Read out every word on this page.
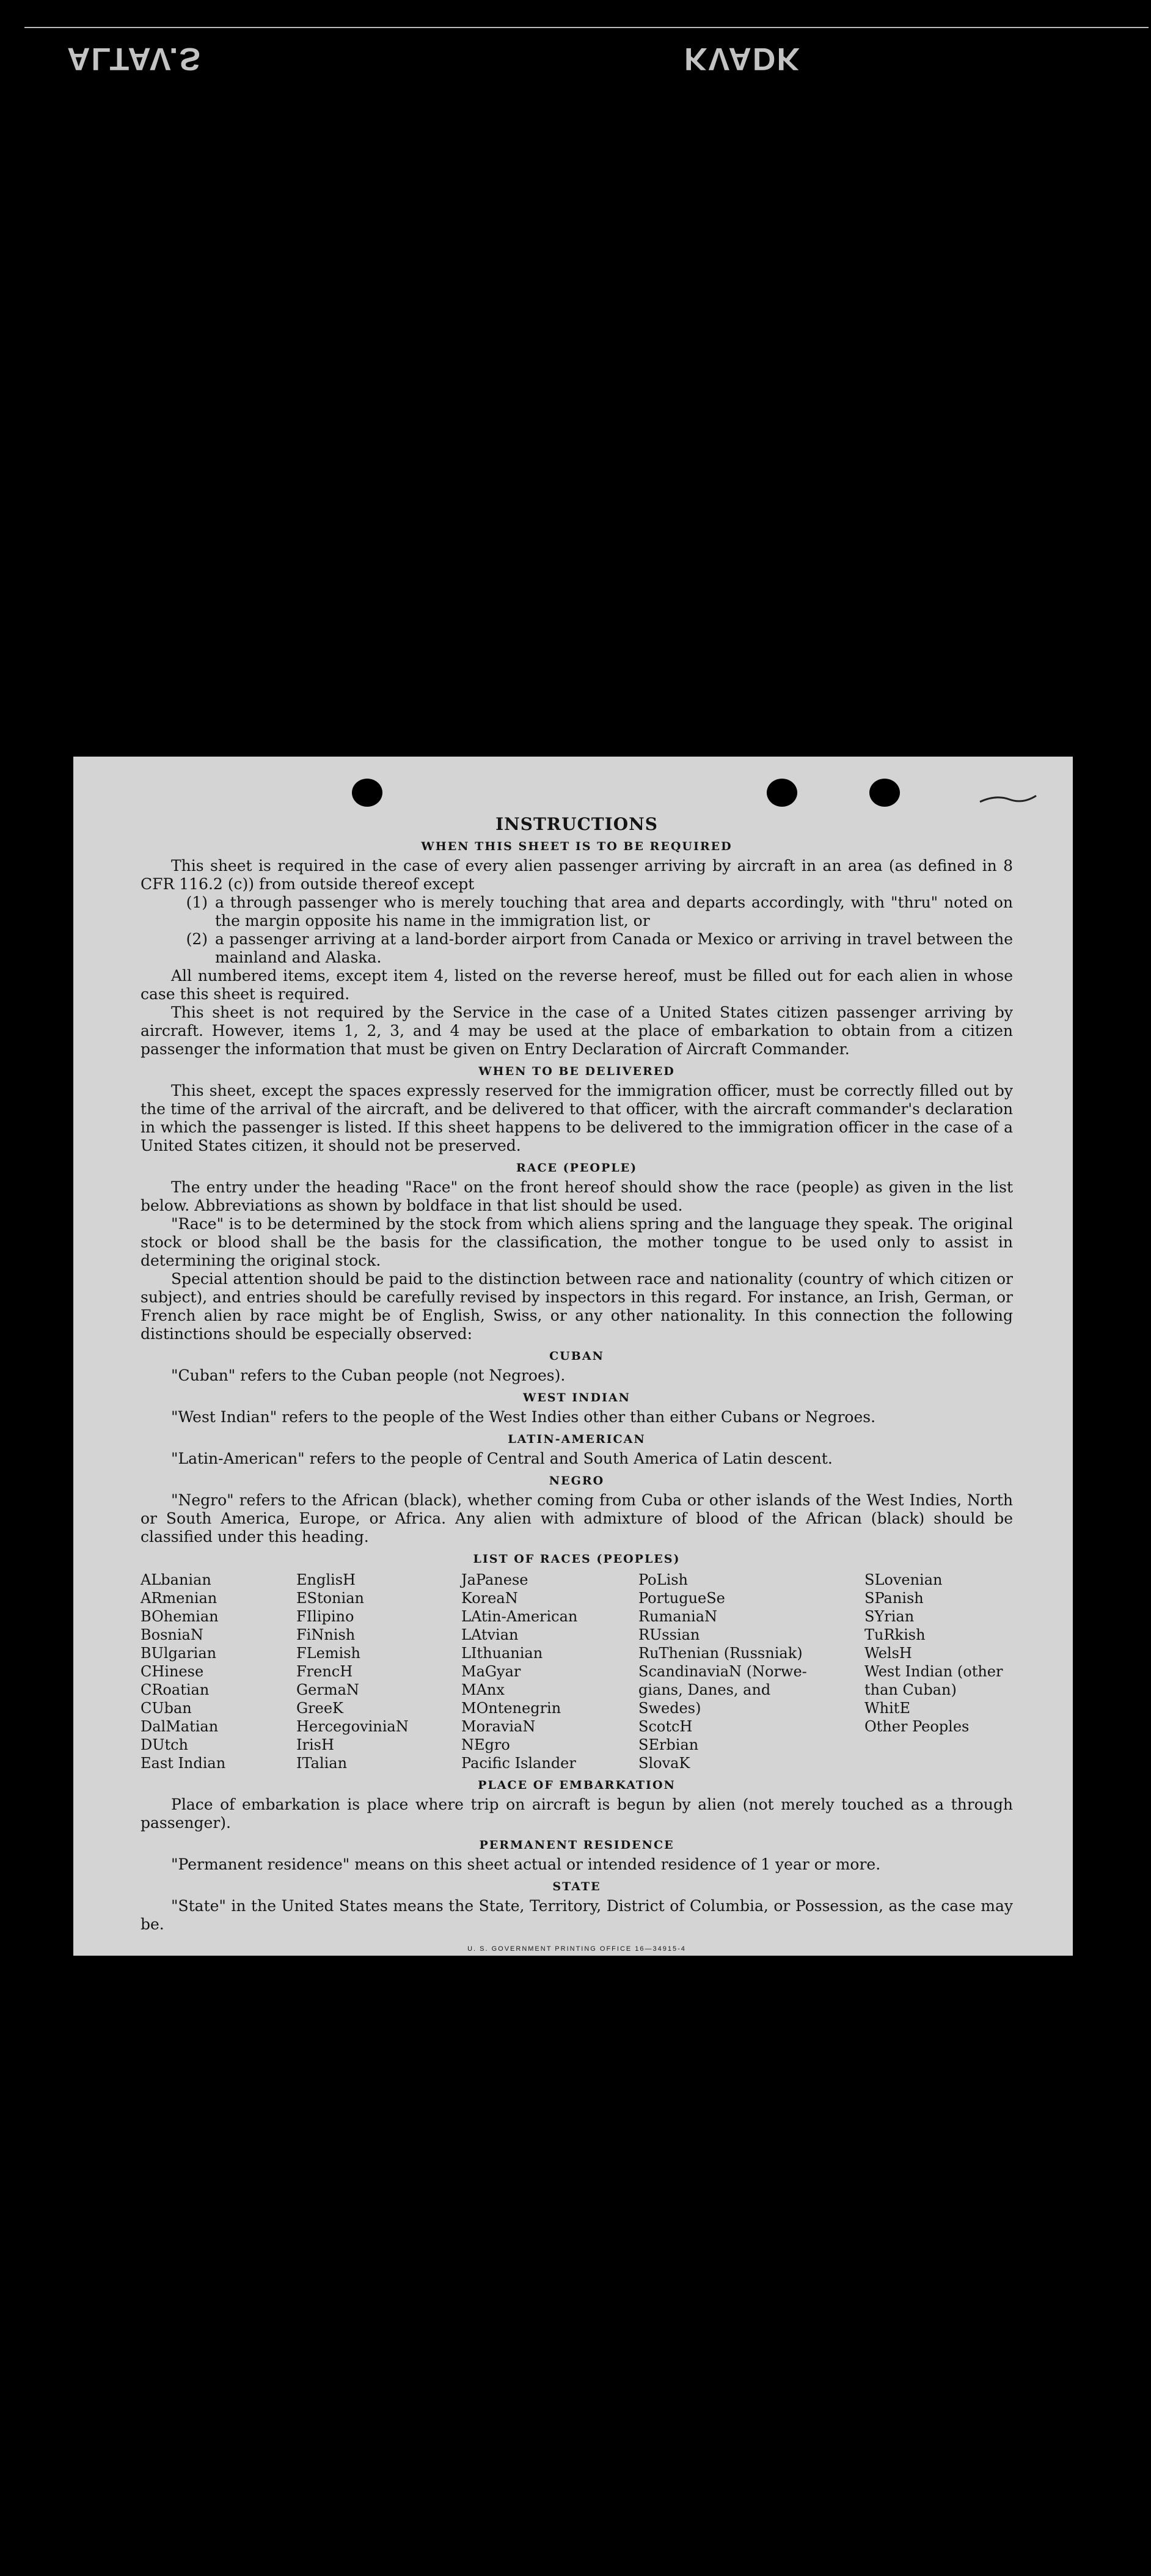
ALTAV.S	KVADK
INSTRUCTIONS
WHEN THIS SHEET IS TO BE REQUIRED

This sheet is required in the case of every alien passenger arriving by aircraft in an area (as defined in 8 CFR 116.2 (c)) from outside thereof except

(1) a through passenger who is merely touching that area and departs accordingly, with "thru" noted on the margin opposite his name in the immigration list, or
(2) a passenger arriving at a land-border airport from Canada or Mexico or arriving in travel between the mainland and Alaska.

All numbered items, except item 4, listed on the reverse hereof, must be filled out for each alien in whose case this sheet is required.

This sheet is not required by the Service in the case of a United States citizen passenger arriving by aircraft. However, items 1, 2, 3, and 4 may be used at the place of embarkation to obtain from a citizen passenger the information that must be given on Entry Declaration of Aircraft Commander.

WHEN TO BE DELIVERED

This sheet, except the spaces expressly reserved for the immigration officer, must be correctly filled out by the time of the arrival of the aircraft, and be delivered to that officer, with the aircraft commander's declaration in which the passenger is listed. If this sheet happens to be delivered to the immigration officer in the case of a United States citizen, it should not be preserved.

RACE (PEOPLE)

The entry under the heading "Race" on the front hereof should show the race (people) as given in the list below. Abbreviations as shown by boldface in that list should be used.

"Race" is to be determined by the stock from which aliens spring and the language they speak. The original stock or blood shall be the basis for the classification, the mother tongue to be used only to assist in determining the original stock.

Special attention should be paid to the distinction between race and nationality (country of which citizen or subject), and entries should be carefully revised by inspectors in this regard. For instance, an Irish, German, or French alien by race might be of English, Swiss, or any other nationality. In this connection the following distinctions should be especially observed:

CUBAN

"Cuban" refers to the Cuban people (not Negroes).

WEST INDIAN

"West Indian" refers to the people of the West Indies other than either Cubans or Negroes.

LATIN-AMERICAN

"Latin-American" refers to the people of Central and South America of Latin descent.

NEGRO

"Negro" refers to the African (black), whether coming from Cuba or other islands of the West Indies, North or South America, Europe, or Africa. Any alien with admixture of blood of the African (black) should be classified under this heading.

LIST OF RACES (PEOPLES)
ALbanian
ARmenian
BOhemian
BosniaN
BUlgarian
CHinese
CRoatian
CUban
DalMatian
DUtch
East Indian
EnglisH
EStonian
FIlipino
FiNnish
FLemish
FrencH
GermaN
GreeK
HercegoviniaN
IrisH
ITalian
JaPanese
KoreaN
LAtin-American
LAtvian
LIthuanian
MaGyar
MAnx
MOntenegrin
MoraviaN
NEgro
Pacific Islander
PoLish
PortugueSe
RumaniaN
RUssian
RuThenian (Russniak)
ScandinaviaN (Norwe-
gians, Danes, and
Swedes)
ScotcH
SErbian
SlovaK
SLovenian
SPanish
SYrian
TuRkish
WelsH
West Indian (other
than Cuban)
WhitE
Other Peoples
PLACE OF EMBARKATION

Place of embarkation is place where trip on aircraft is begun by alien (not merely touched as a through passenger).

PERMANENT RESIDENCE

"Permanent residence" means on this sheet actual or intended residence of 1 year or more.

STATE

"State" in the United States means the State, Territory, District of Columbia, or Possession, as the case may be.

U. S. GOVERNMENT PRINTING OFFICE 16—34915-4
